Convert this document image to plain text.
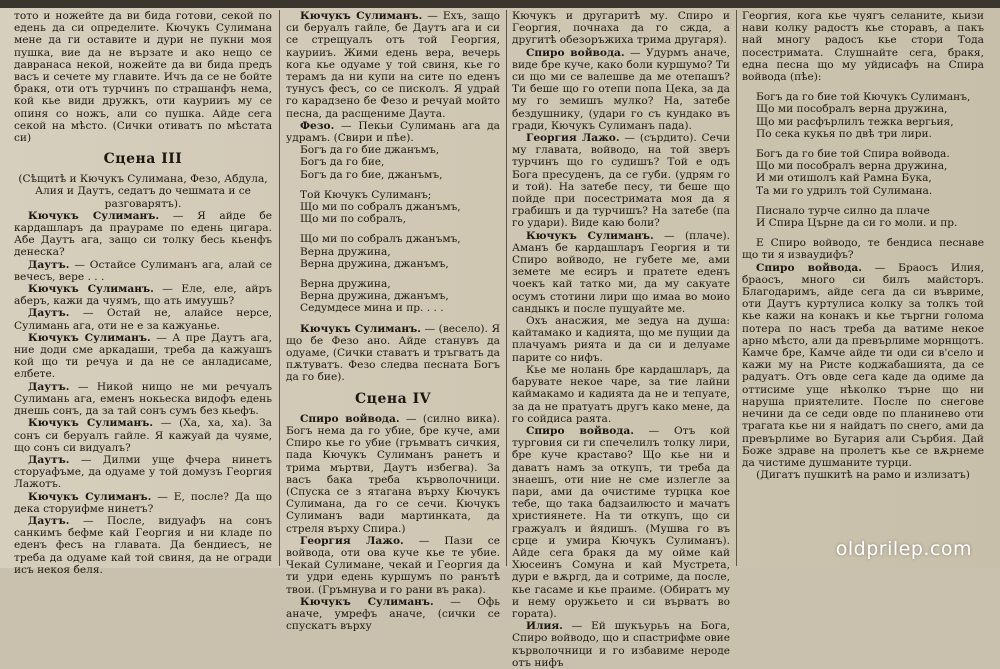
тото и ножейте да ви бида готови, секой по едень да си определите. Кючукъ Сулимана мене да ги оставите и дури не пукни моя пушка, вие да не вързате и ако нещо се давранаса некой, ножейте да ви бида предъ васъ и сечете му главите. Ичъ да се не бойте бракя, оти отъ турчинъ по страшанфъ нема, кой кье види дружкъ, оти каурииъ му се опиня со ножъ, али со пушка. Айде сега секой на мѣсто. (Сички отиватъ по мѣстата си)

Сцена III

(Сѣщитѣ и Кючукъ Сулимана, Фезо, Абдула, Алия и Даутъ, седатъ до чешмата и се разговарятъ).

Кючукъ Сулиманъ. — Я айде бе кардашларъ да праураме по едень цигара. Абе Даутъ ага, защо си толку бесь кьенфъ денеска?

Даутъ. — Остайсе Сулиманъ ага, алай се вечесъ, вере . . .

Кючукъ Сулиманъ. — Еле, еле, айръ аберъ, кажи да чуямъ, що ать имуушь?

Даутъ. — Остай не, алайсе нерсе, Сулимань ага, оти не е за кажуанье.

Кючукъ Сулиманъ. — А пре Даутъ ага, ние доди сме аркадаши, треба да кажуашъ кой що ти речуа и да не се анладисаме, елбете.

Даутъ. — Никой нищо не ми речуалъ Сулимань ага, еменъ нокьеска видофъ едень днешь сонъ, да за тай сонъ сумъ без кьефъ.

Кючукъ Сулиманъ. — (Ха, ха, ха). За сонъ си беруалъ гайле. Я кажуай да чуяме, що сонъ си видуалъ?

Даутъ. — Дилми уще фчера нинетъ сторуафъме, да одуаме у той домузъ Георгия Лажотъ.

Кючукъ Сулиманъ. — Е, после? Да що дека сторуифме нинетъ?

Даутъ. — После, видуафъ на сонъ санкимъ бефме кай Георгия и ни кладе по еденъ фесъ на главата. Да бендиесъ, не треба да одуаме кай той свиня, да не огради исъ некоя беля.

Кючукъ Сулиманъ. — Ехъ, защо си беруалъ гайле, бе Даутъ ага и си се стрещуалъ отъ той Георгия, каурииъ. Жими едень вера, вечерь кога кье одуаме у той свиня, кье го терамъ да ни купи на сите по еденъ тунусъ фесъ, со се писколъ. Я удрай го карадзено бе Фезо и речуай мойто песна, да расщениме Даута.

Фезо. — Пекьи Сулимань ага да удрамъ. (Свири и пѣе).

Богъ да го бие джанъмъ,

Богъ да го бие,

Богъ да го бие, джанъмъ,

Той Кючукъ Сулиманъ;

Що ми по собралъ джанъмъ,

Що ми по собралъ,

Що ми по собралъ джанъмъ,

Верна дружина,

Верна дружина, джанъмъ,

Верна дружина,

Верна дружина, джанъмъ,

Седумдесе мина и пр. . . .

Кючукъ Сулиманъ. — (весело). Я що бе Фезо ано. Айде станувъ да одуаме, (Сички ставатъ и тръгватъ да пѫтуватъ. Фезо следва песната Богъ да го бие).

Сцена IV

Спиро войвода. — (силно вика). Богъ нема да го убие, бре куче, ами Спиро кье го убие (гръмватъ сичкия, пада Кючукъ Сулиманъ ранетъ и трима мъртви, Даутъ избегва). За васъ бака треба кърволочници. (Спуска се з ятагана върху Кючукъ Сулимана, да го се сечи. Кючукъ Сулиманъ вади мартинката, да стреля върху Спира.)

Георгия Лажо. — Пази се войвода, оти ова куче кье те убие. Чекай Сулимане, чекай и Георгия да ти удри едень куршумъ по ранътѣ твои. (Гръмнува и го рани въ рака).

Кючукъ Сулиманъ. — Офь аначе, умрефъ аначе, (сички се спускатъ върху

Кючукъ и другаритѣ му. Спиро и Георгия, почнаха да го сжда, а другитѣ обезоръжиха трима другаря).

Спиро войвода. — Удурмъ аначе, виде бре куче, како боли куршумо? Ти си що ми се валешве да ме отепашъ? Ти беше що го отепи попа Цека, за да му го земишъ мулко? На, затебе бездушнику, (удари го съ кундако въ гради, Кючукъ Сулиманъ пада).

Георгия Лажо. — (сърдито). Сечи му главата, войводо, на той зверъ турчинъ що го судишъ? Той е одъ Бога пресуденъ, да се губи. (удрям го и той). На затебе песу, ти беше що пойде при посестримата моя да я грабишъ и да турчишъ? На затебе (па го удари). Виде каю боли?

Кючукъ Сулиманъ. — (плаче). Аманъ бе кардашларъ Георгия и ти Спиро войводо, не губете ме, ами земете ме есиръ и пратете еденъ чоекъ кай татко ми, да му сакуате осумъ стотини лири що имаа во моио сандыкъ и после пущуайте ме.

Охъ анасжия, ме зедуа на душа: кайтамако и кадията, що ме пущии да плачуамъ рията и да си и делуаме парите со нифъ.

Кье ме нолань бре кардашларъ, да барувате некое чаре, за тие лайни каймакамо и кадията да не и тепуате, за да не пратуатъ другъ како мене, да го сойдиса раята.

Спиро войвода. — Отъ кой турговия си ги спечелилъ толку лири, бре куче краставо? Що кье ни и даватъ намъ за откупъ, ти треба да знаешъ, оти ние не сме излегле за пари, ами да очистиме турцка кое тебе, що така бадзаилюсто и мачатъ християнете. На ти откупъ, що си гражуалъ и йядишъ. (Мушва го въ срце и умира Кючукъ Сулиманъ). Айде сега бракя да му ойме кай Хюсеинъ Сомуна и кай Мустрета, дури е вѫргд, да и сотриме, да после, кье гасаме и кье праиме. (Обиратъ му и нему оружьето и си върватъ во гората).

Илия. — Ей шукъурьъ на Бога, Спиро войводо, що и спастрифме овие кърволочници и го избавиме нероде отъ нифъ

Георгия, кога кье чуягъ селаните, кьизи нави колку радостъ кье сторавъ, а пакъ най многу радосъ кье стори Тода посестримата. Слушнайте сега, бракя, една песна що му уйдисафъ на Спира войвода (пѣе):

Богъ да го бие той Кючукъ Сулиманъ,

Що ми пособралъ верна дружина,

Що ми расфърлилъ тежка вергьия,

По сека кукья по двѣ три лири.

Богъ да го бие той Спира войвода.

Що ми пособралъ верна дружина,

И ми отишолъ кай Рамна Бука,

Та ми го удрилъ той Сулимана.

Писнало турче силно да плаче

И Спира Църне да си го моли. и пр.

Е Спиро войводо, те бендиса песнаве що ти я изваудифъ?

Спиро войвода. — Браосъ Илия, браосъ, много си билъ майсторъ. Благодаримъ, айде сега да си въвриме, оти Даутъ куртулиса колку за толкъ той кье кажи на конакъ и кье търгни голома потера по насъ треба да ватиме некое арно мѣсто, али да превърлиме морнщотъ. Камчe бре, Камче айде ти оди си в'село и кажи му на Ристе коджабашията, да се радуатъ. Отъ овде сега каде да одиме да оттисиме уще нѣколко търне що ни наруша приятелите. После по снегове нечини да се седи овде по планинево оти трагата кье ни я найдатъ по снего, ами да превърлиме во Бугария али Сърбия. Дай Боже здраве на пролетъ кье се вѫрнеме да чистиме душманите турци.

(Дигатъ пушкитѣ на рамо и излизатъ)

oldprilep.com
